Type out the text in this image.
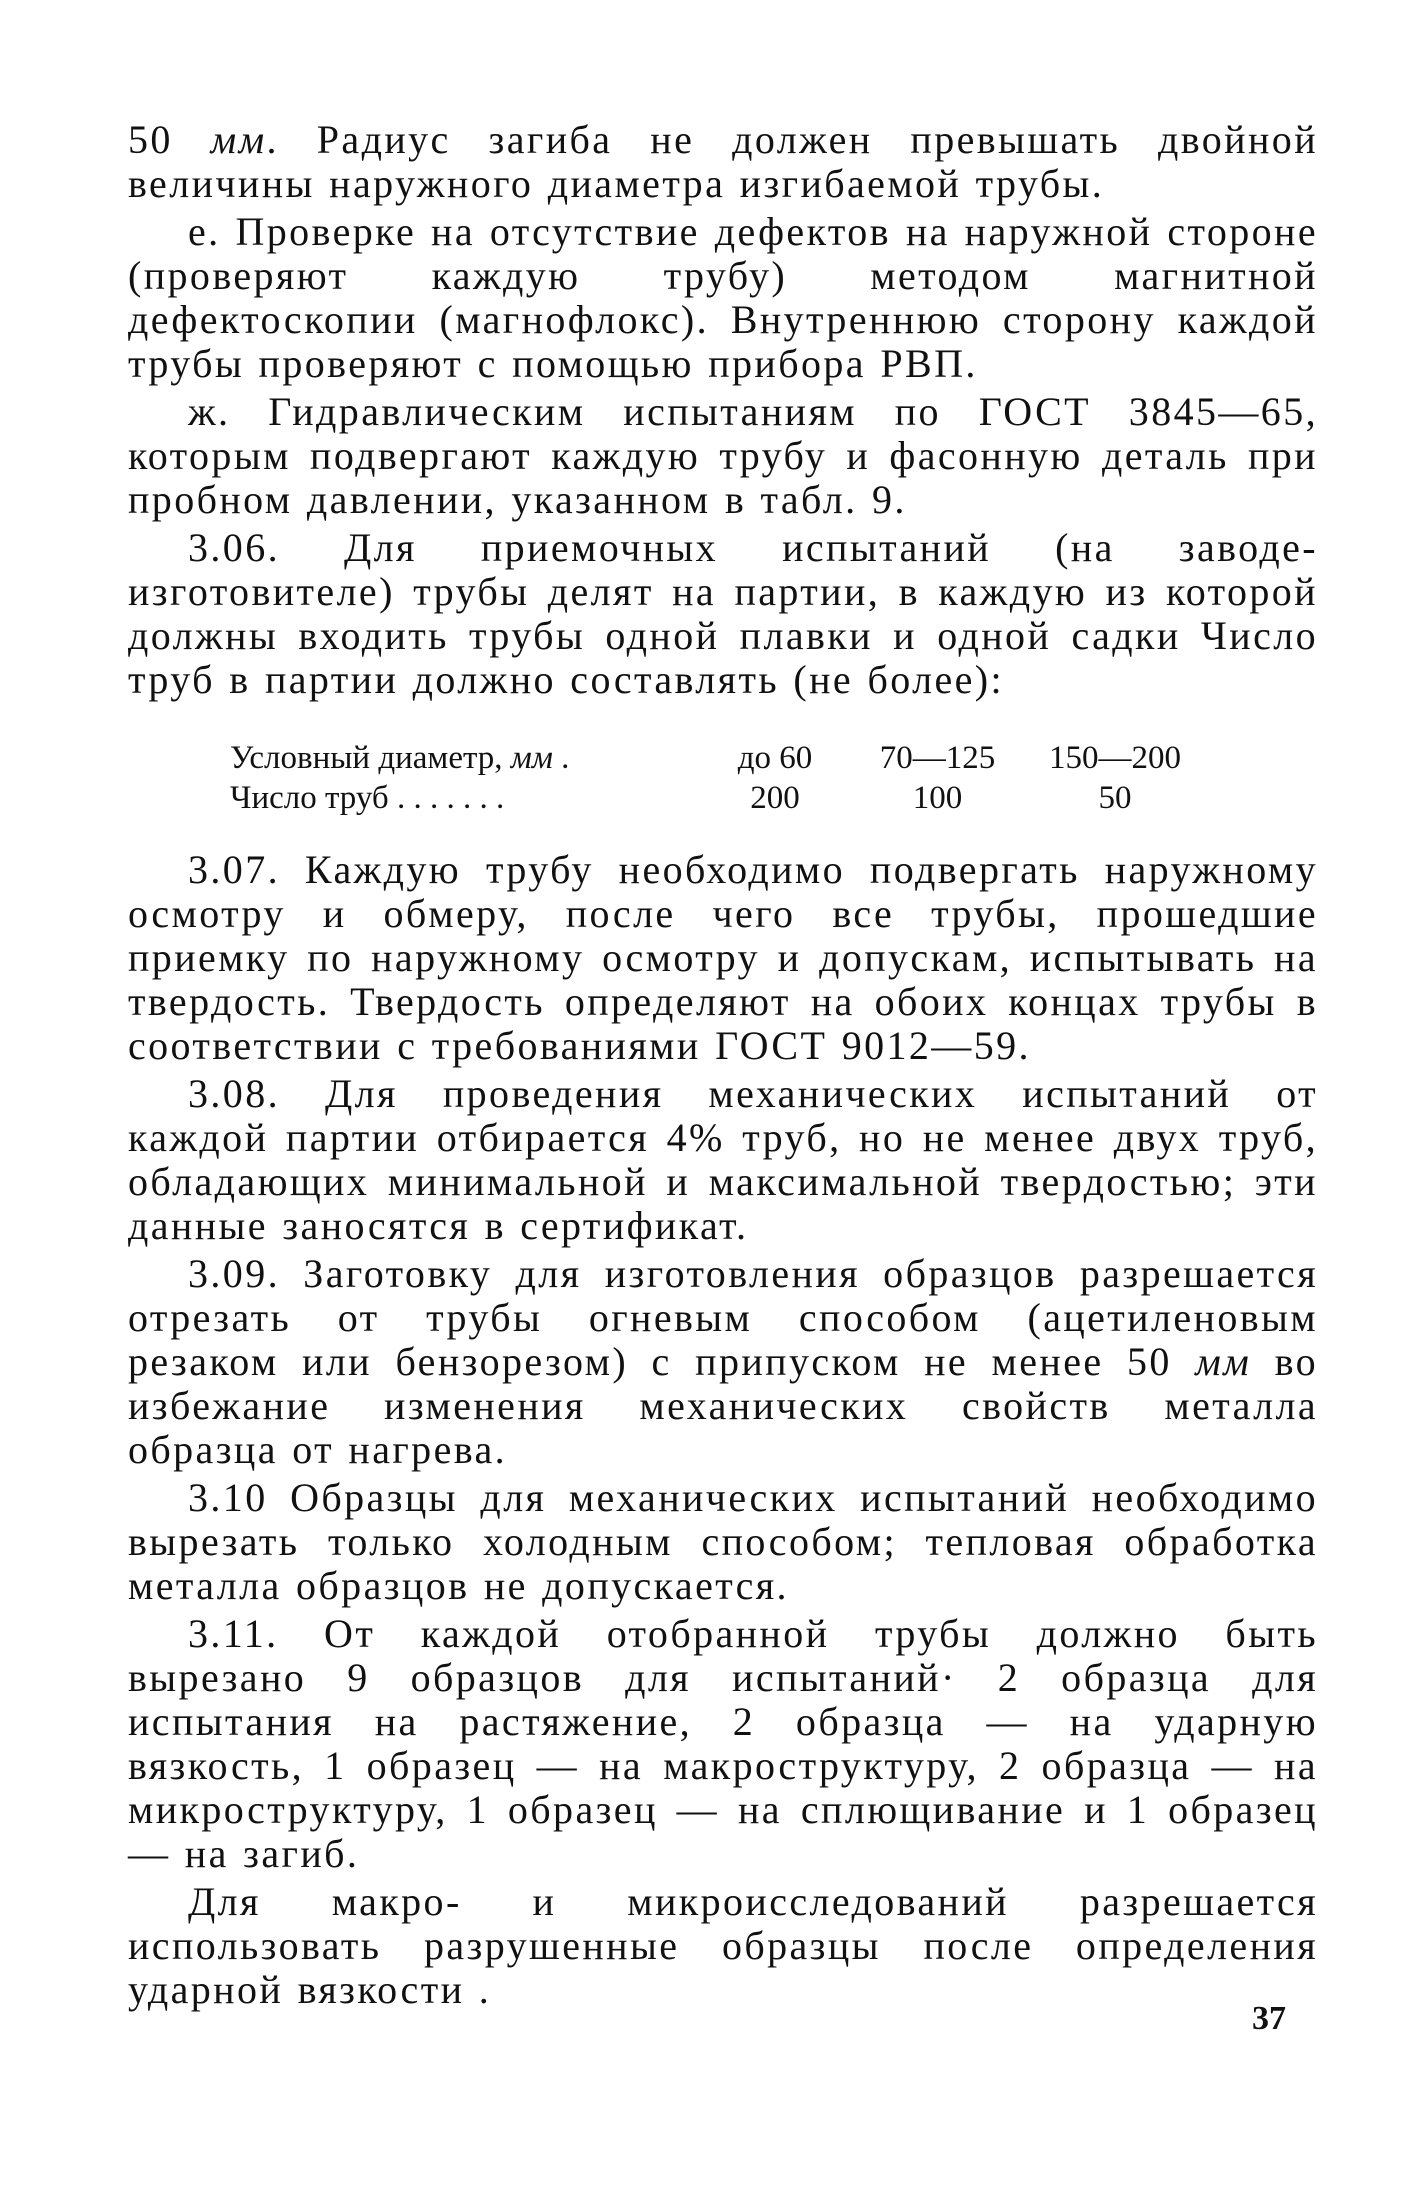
50 мм. Радиус загиба не должен превышать двойной величины наружного диаметра изгибаемой трубы.

е. Проверке на отсутствие дефектов на наружной стороне (проверяют каждую трубу) методом магнитной дефектоскопии (магнофлокс). Внутреннюю сторону каждой трубы проверяют с помощью прибора РВП.

ж. Гидравлическим испытаниям по ГОСТ 3845—65, которым подвергают каждую трубу и фасонную деталь при пробном давлении, указанном в табл. 9.

3.06. Для приемочных испытаний (на заводе-изготовителе) трубы делят на партии, в каждую из которой должны входить трубы одной плавки и одной садки Число труб в партии должно составлять (не более):

Условный диаметр, мм .	до 60	70—125	150—200
Число труб . . . . . . .	200	100	50

3.07. Каждую трубу необходимо подвергать наружному осмотру и обмеру, после чего все трубы, прошедшие приемку по наружному осмотру и допускам, испытывать на твердость. Твердость определяют на обоих концах трубы в соответствии с требованиями ГОСТ 9012—59.

3.08. Для проведения механических испытаний от каждой партии отбирается 4% труб, но не менее двух труб, обладающих минимальной и максимальной твердостью; эти данные заносятся в сертификат.

3.09. Заготовку для изготовления образцов разрешается отрезать от трубы огневым способом (ацетиленовым резаком или бензорезом) с припуском не менее 50 мм во избежание изменения механических свойств металла образца от нагрева.

3.10 Образцы для механических испытаний необходимо вырезать только холодным способом; тепловая обработка металла образцов не допускается.

3.11. От каждой отобранной трубы должно быть вырезано 9 образцов для испытаний· 2 образца для испытания на растяжение, 2 образца — на ударную вязкость, 1 образец — на макроструктуру, 2 образца — на микроструктуру, 1 образец — на сплющивание и 1 образец — на загиб.

Для макро- и микроисследований разрешается использовать разрушенные образцы после определения ударной вязкости .

37
